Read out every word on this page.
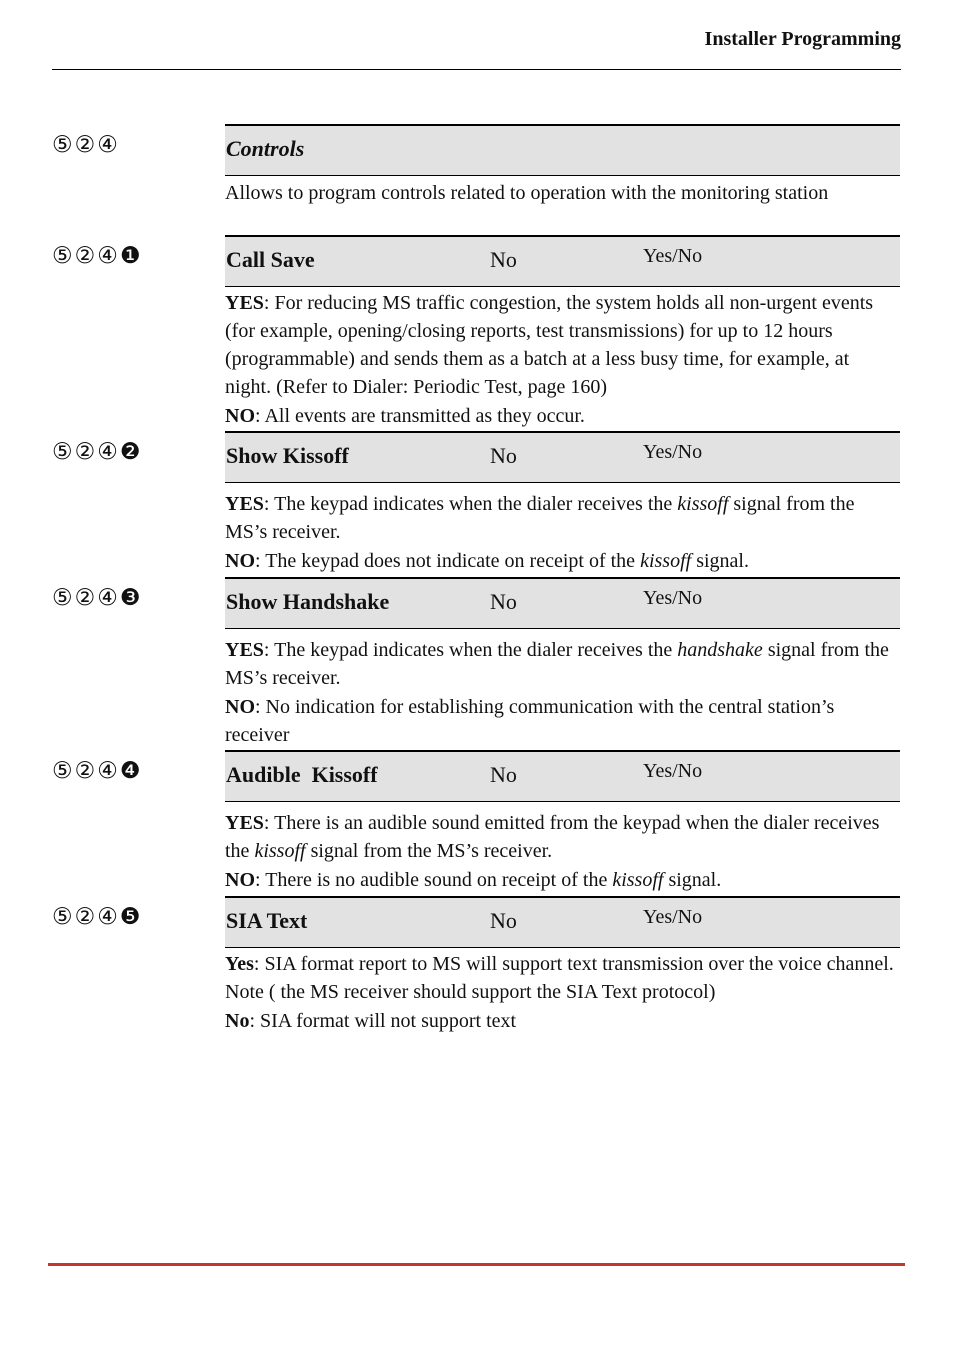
Installer Programming
⑤②④	Controls

Allows to program controls related to operation with the monitoring station

⑤②④❶	Call Save	No	Yes/No

YES: For reducing MS traffic congestion, the system holds all non-urgent events (for example, opening/closing reports, test transmissions) for up to 12 hours (programmable) and sends them as a batch at a less busy time, for example, at night. (Refer to Dialer: Periodic Test, page 160)

NO: All events are transmitted as they occur.

⑤②④❷	Show Kissoff	No	Yes/No

YES: The keypad indicates when the dialer receives the kissoff signal from the MS’s receiver.

NO: The keypad does not indicate on receipt of the kissoff signal.

⑤②④❸	Show Handshake	No	Yes/No

YES: The keypad indicates when the dialer receives the handshake signal from the MS’s receiver.

NO: No indication for establishing communication with the central station’s receiver

⑤②④❹	Audible  Kissoff	No	Yes/No

YES: There is an audible sound emitted from the keypad when the dialer receives the kissoff signal from the MS’s receiver.

NO: There is no audible sound on receipt of the kissoff signal.

⑤②④❺	SIA Text	No	Yes/No

Yes: SIA format report to MS will support text transmission over the voice channel. Note ( the MS receiver should support the SIA Text protocol)

No: SIA format will not support text
